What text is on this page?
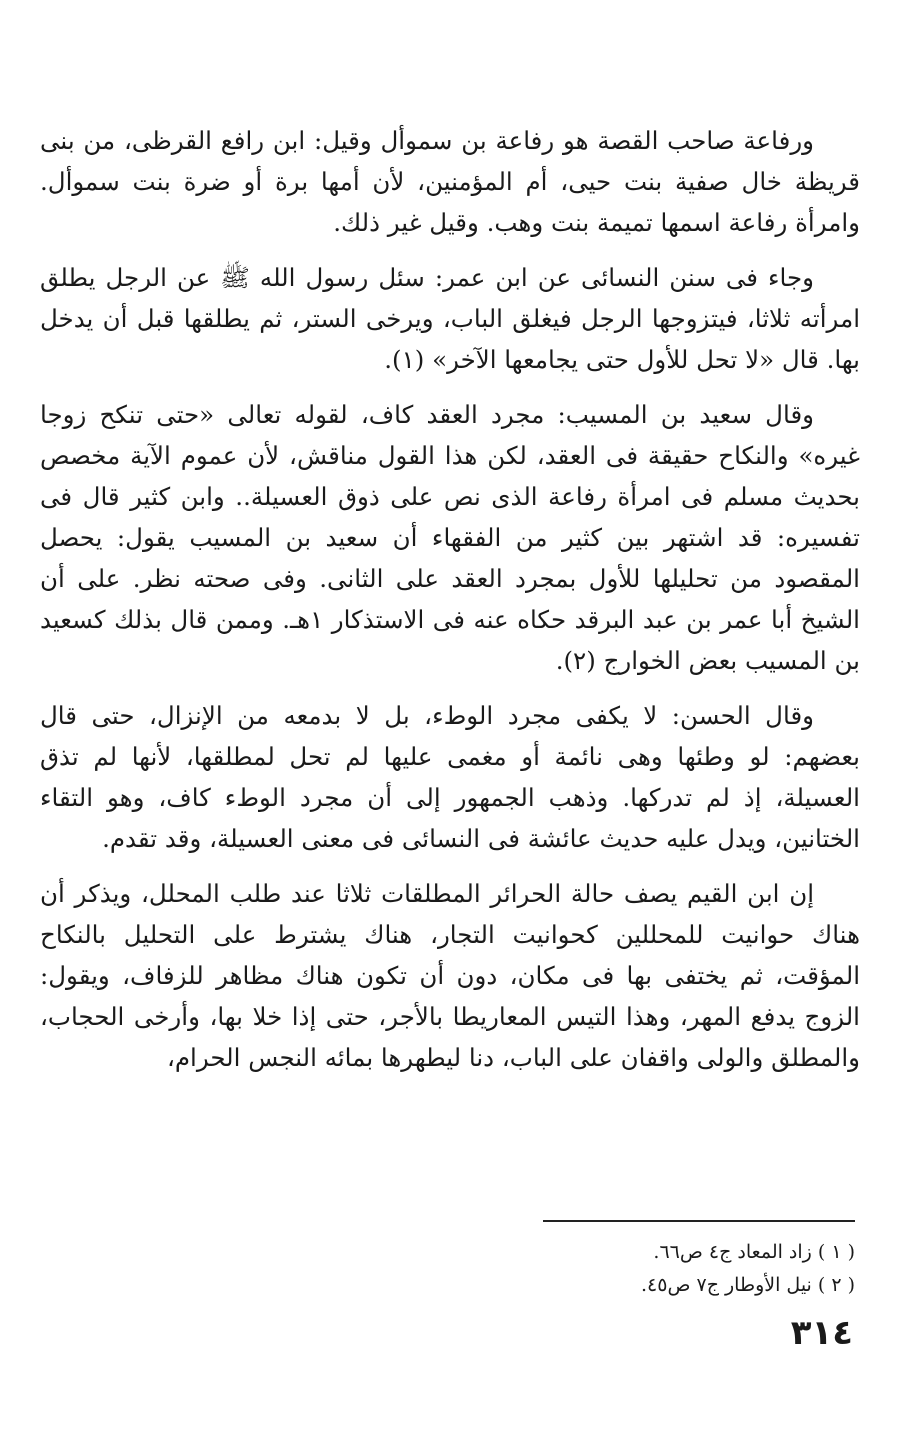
ورفاعة صاحب القصة هو رفاعة بن سموأل وقيل: ابن رافع القرظى، من بنى قريظة خال صفية بنت حيى، أم المؤمنين، لأن أمها برة أو ضرة بنت سموأل. وامرأة رفاعة اسمها تميمة بنت وهب. وقيل غير ذلك.

وجاء فى سنن النسائى عن ابن عمر: سئل رسول الله ﷺ عن الرجل يطلق امرأته ثلاثا، فيتزوجها الرجل فيغلق الباب، ويرخى الستر، ثم يطلقها قبل أن يدخل بها. قال «لا تحل للأول حتى يجامعها الآخر» (١).

وقال سعيد بن المسيب: مجرد العقد كاف، لقوله تعالى «حتى تنكح زوجا غيره» والنكاح حقيقة فى العقد، لكن هذا القول مناقش، لأن عموم الآية مخصص بحديث مسلم فى امرأة رفاعة الذى نص على ذوق العسيلة.. وابن كثير قال فى تفسيره: قد اشتهر بين كثير من الفقهاء أن سعيد بن المسيب يقول: يحصل المقصود من تحليلها للأول بمجرد العقد على الثانى. وفى صحته نظر. على أن الشيخ أبا عمر بن عبد البرقد حكاه عنه فى الاستذكار ١هـ. وممن قال بذلك كسعيد بن المسيب بعض الخوارج (٢).

وقال الحسن: لا يكفى مجرد الوطء، بل لا بدمعه من الإنزال، حتى قال بعضهم: لو وطئها وهى نائمة أو مغمى عليها لم تحل لمطلقها، لأنها لم تذق العسيلة، إذ لم تدركها. وذهب الجمهور إلى أن مجرد الوطء كاف، وهو التقاء الختانين، ويدل عليه حديث عائشة فى النسائى فى معنى العسيلة، وقد تقدم.

إن ابن القيم يصف حالة الحرائر المطلقات ثلاثا عند طلب المحلل، ويذكر أن هناك حوانيت للمحللين كحوانيت التجار، هناك يشترط على التحليل بالنكاح المؤقت، ثم يختفى بها فى مكان، دون أن تكون هناك مظاهر للزفاف، ويقول: الزوج يدفع المهر، وهذا التيس المعاريطا بالأجر، حتى إذا خلا بها، وأرخى الحجاب، والمطلق والولى واقفان على الباب، دنا ليطهرها بمائه النجس الحرام،

( ١ ) زاد المعاد ج٤ ص٦٦.

( ٢ ) نيل الأوطار ج٧ ص٤٥.

٣١٤
